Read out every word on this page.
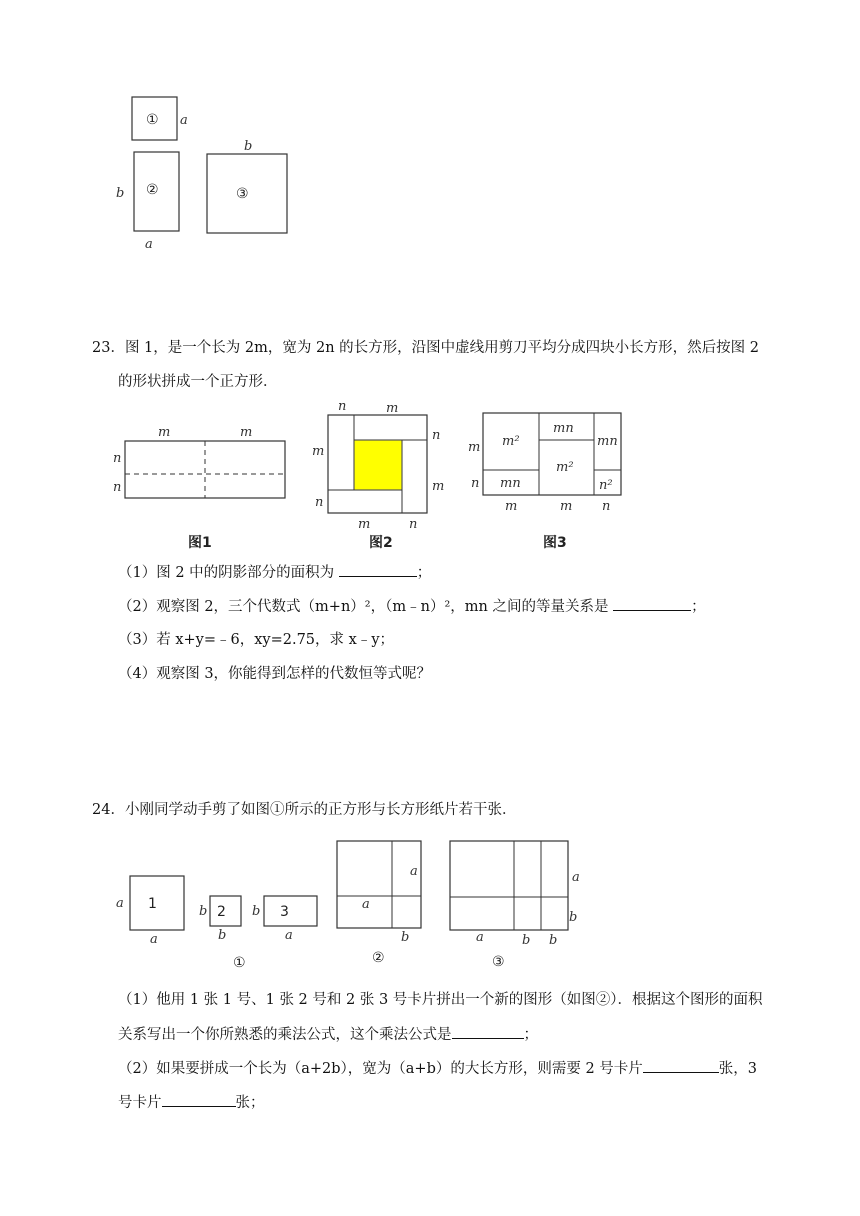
①
②	③
a
b
a
b
23．图 1，是一个长为 2m，宽为 2n 的长方形，沿图中虚线用剪刀平均分成四块小长方形，然后按图 2
的形状拼成一个正方形．
m	m
n
n
图1
n	m
m
n
n
m
m	n
图2
m²
mn
mn
m²
mn	n²
m
n
m	m n
图3
（1）图 2 中的阴影部分的面积为	；
（2）观察图 2，三个代数式（m+n）²，（m﹣n）²，mn 之间的等量关系是	；
（3）若 x+y=﹣6，xy=2.75，求 x﹣y；
（4）观察图 3，你能得到怎样的代数恒等式呢？
24．小刚同学动手剪了如图①所示的正方形与长方形纸片若干张．
1
a
a
2
b
b
3
b
a
①
a
a
b
②
a
b
a	b b
③
（1）他用 1 张 1 号、1 张 2 号和 2 张 3 号卡片拼出一个新的图形（如图②）．根据这个图形的面积
关系写出一个你所熟悉的乘法公式，这个乘法公式是	；
（2）如果要拼成一个长为（a+2b），宽为（a+b）的大长方形，则需要 2 号卡片	张，3
号卡片	张；
